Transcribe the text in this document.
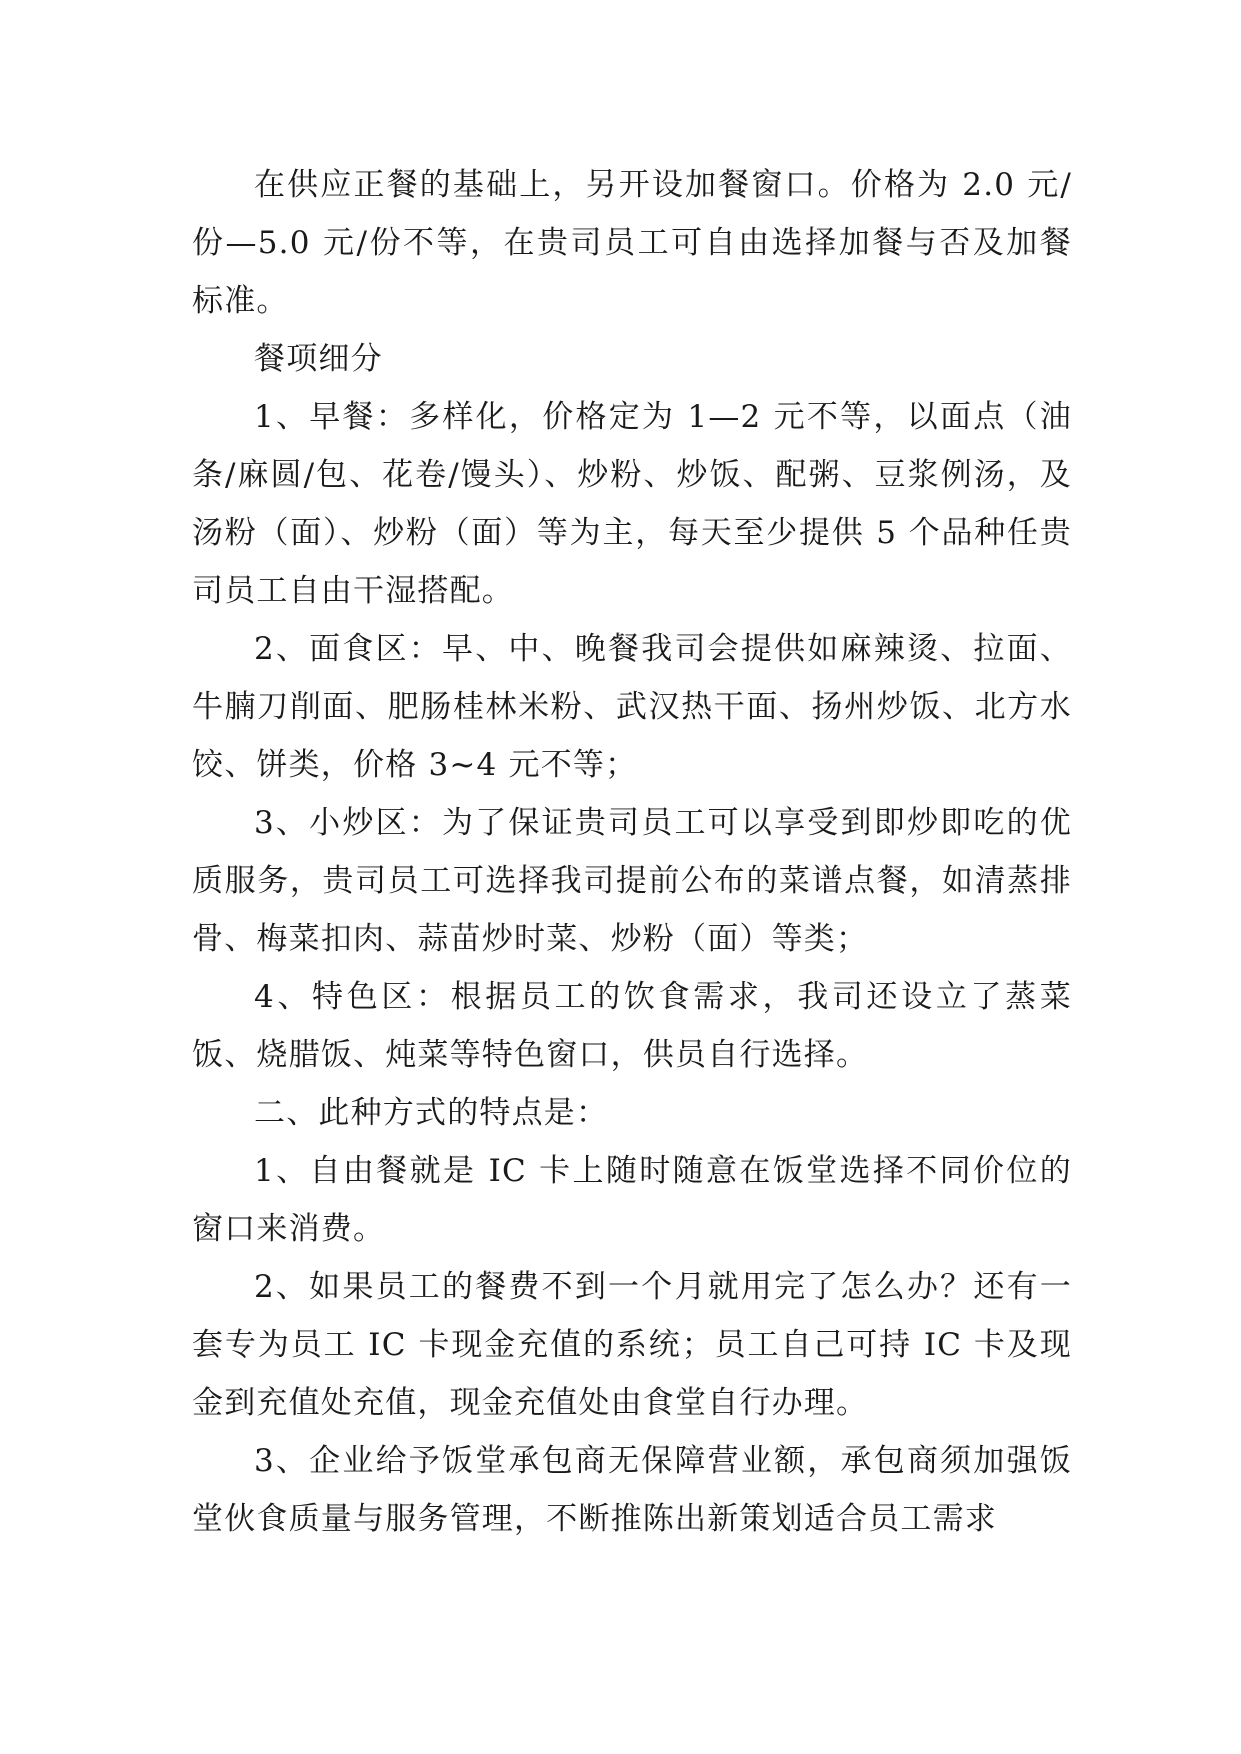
在供应正餐的基础上，另开设加餐窗口。价格为 2.0 元/份—5.0 元/份不等，在贵司员工可自由选择加餐与否及加餐标准。

餐项细分

1、早餐：多样化，价格定为 1—2 元不等，以面点（油条/麻圆/包、花卷/馒头）、炒粉、炒饭、配粥、豆浆例汤，及汤粉（面）、炒粉（面）等为主，每天至少提供 5 个品种任贵司员工自由干湿搭配。

2、面食区：早、中、晚餐我司会提供如麻辣烫、拉面、牛腩刀削面、肥肠桂林米粉、武汉热干面、扬州炒饭、北方水饺、饼类，价格 3~4 元不等；

3、小炒区：为了保证贵司员工可以享受到即炒即吃的优质服务，贵司员工可选择我司提前公布的菜谱点餐，如清蒸排骨、梅菜扣肉、蒜苗炒时菜、炒粉（面）等类；

4、特色区：根据员工的饮食需求，我司还设立了蒸菜饭、烧腊饭、炖菜等特色窗口，供员自行选择。

二、此种方式的特点是：

1、自由餐就是 IC 卡上随时随意在饭堂选择不同价位的窗口来消费。

2、如果员工的餐费不到一个月就用完了怎么办？还有一套专为员工 IC 卡现金充值的系统；员工自己可持 IC 卡及现金到充值处充值，现金充值处由食堂自行办理。

3、企业给予饭堂承包商无保障营业额，承包商须加强饭堂伙食质量与服务管理，不断推陈出新策划适合员工需求
